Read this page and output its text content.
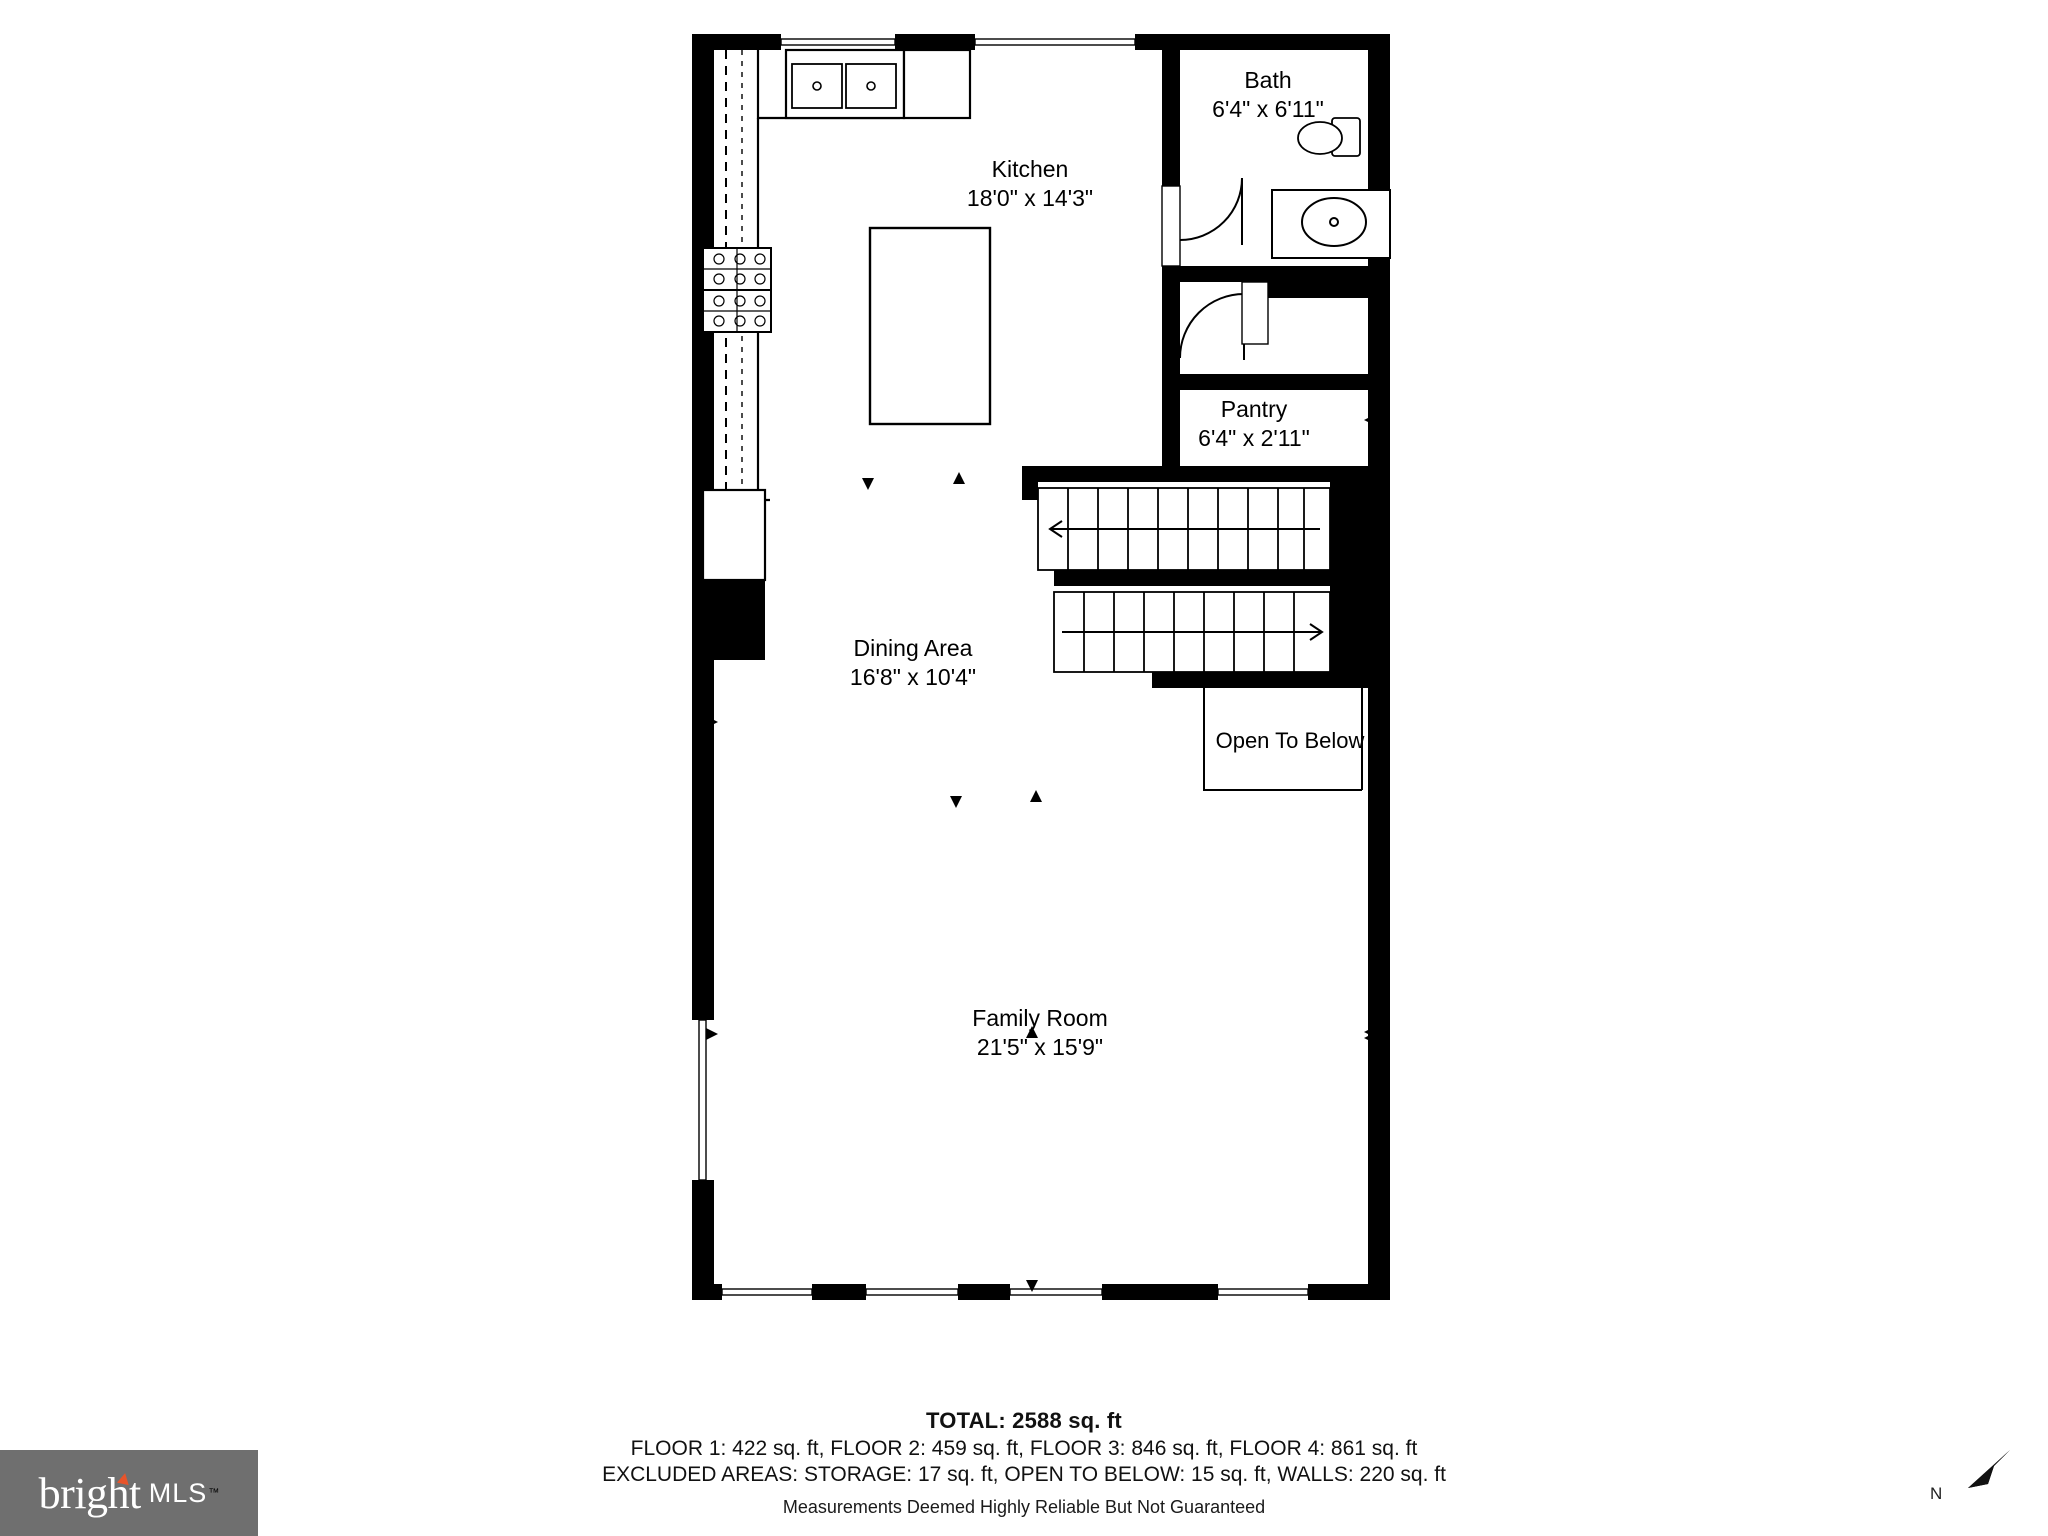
Kitchen
18'0" x 14'3"
Bath
6'4" x 6'11"
Pantry
6'4" x 2'11"
Dining Area
16'8" x 10'4"
Family Room
21'5" x 15'9"
Open To Below
TOTAL: 2588 sq. ft
FLOOR 1: 422 sq. ft, FLOOR 2: 459 sq. ft, FLOOR 3: 846 sq. ft, FLOOR 4: 861 sq. ft
EXCLUDED AREAS: STORAGE: 17 sq. ft, OPEN TO BELOW: 15 sq. ft, WALLS: 220 sq. ft
Measurements Deemed Highly Reliable But Not Guaranteed
bright MLS ™	N
